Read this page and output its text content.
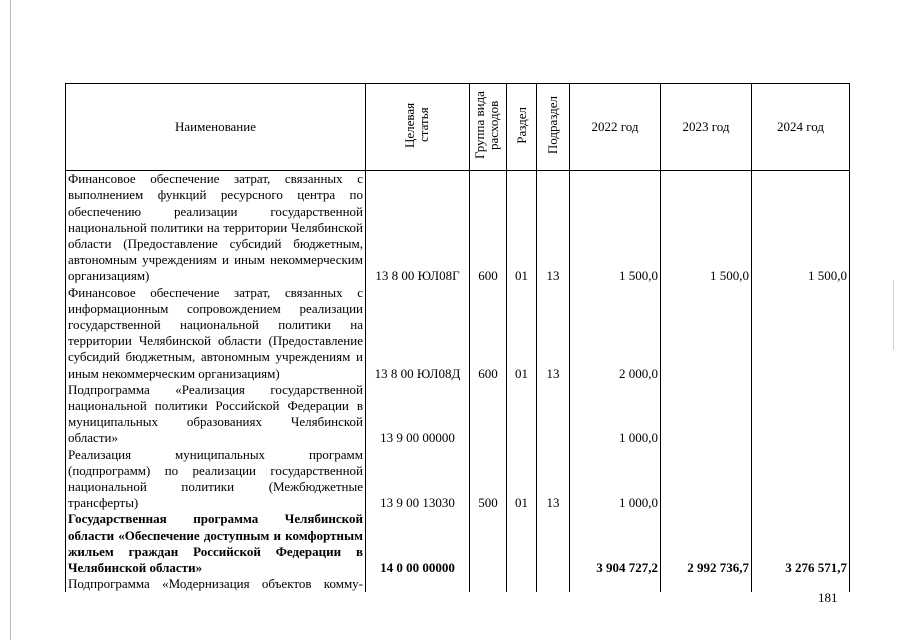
Наименование	Целевая статья	Группа вида расходов	Раздел	Подраздел	2022 год	2023 год	2024 год
Финансовое обеспечение затрат, связанных с выполнением функций ресурсного центра по обеспечению реализации государственной национальной политики на территории Челябинской области (Предоставление субсидий бюджетным, автономным учреждениям и иным некоммерческим организациям)	13 8 00 ЮЛ08Г	600	01	13	1 500,0	1 500,0	1 500,0
Финансовое обеспечение затрат, связанных с информационным сопровождением реализации государственной национальной политики на территории Челябинской области (Предоставление субсидий бюджетным, автономным учреждениям и иным некоммерческим организациям)	13 8 00 ЮЛ08Д	600	01	13	2 000,0		
Подпрограмма «Реализация государственной национальной политики Российской Федерации в муниципальных образованиях Челябинской области»	13 9 00 00000				1 000,0		
Реализация муниципальных программ (подпрограмм) по реализации государственной национальной политики (Межбюджетные трансферты)	13 9 00 13030	500	01	13	1 000,0		
Государственная программа Челябинской области «Обеспечение доступным и комфортным жильем граждан Российской Федерации в Челябинской области»	14 0 00 00000				3 904 727,2	2 992 736,7	3 276 571,7
Подпрограмма «Модернизация объектов комму-							
181
